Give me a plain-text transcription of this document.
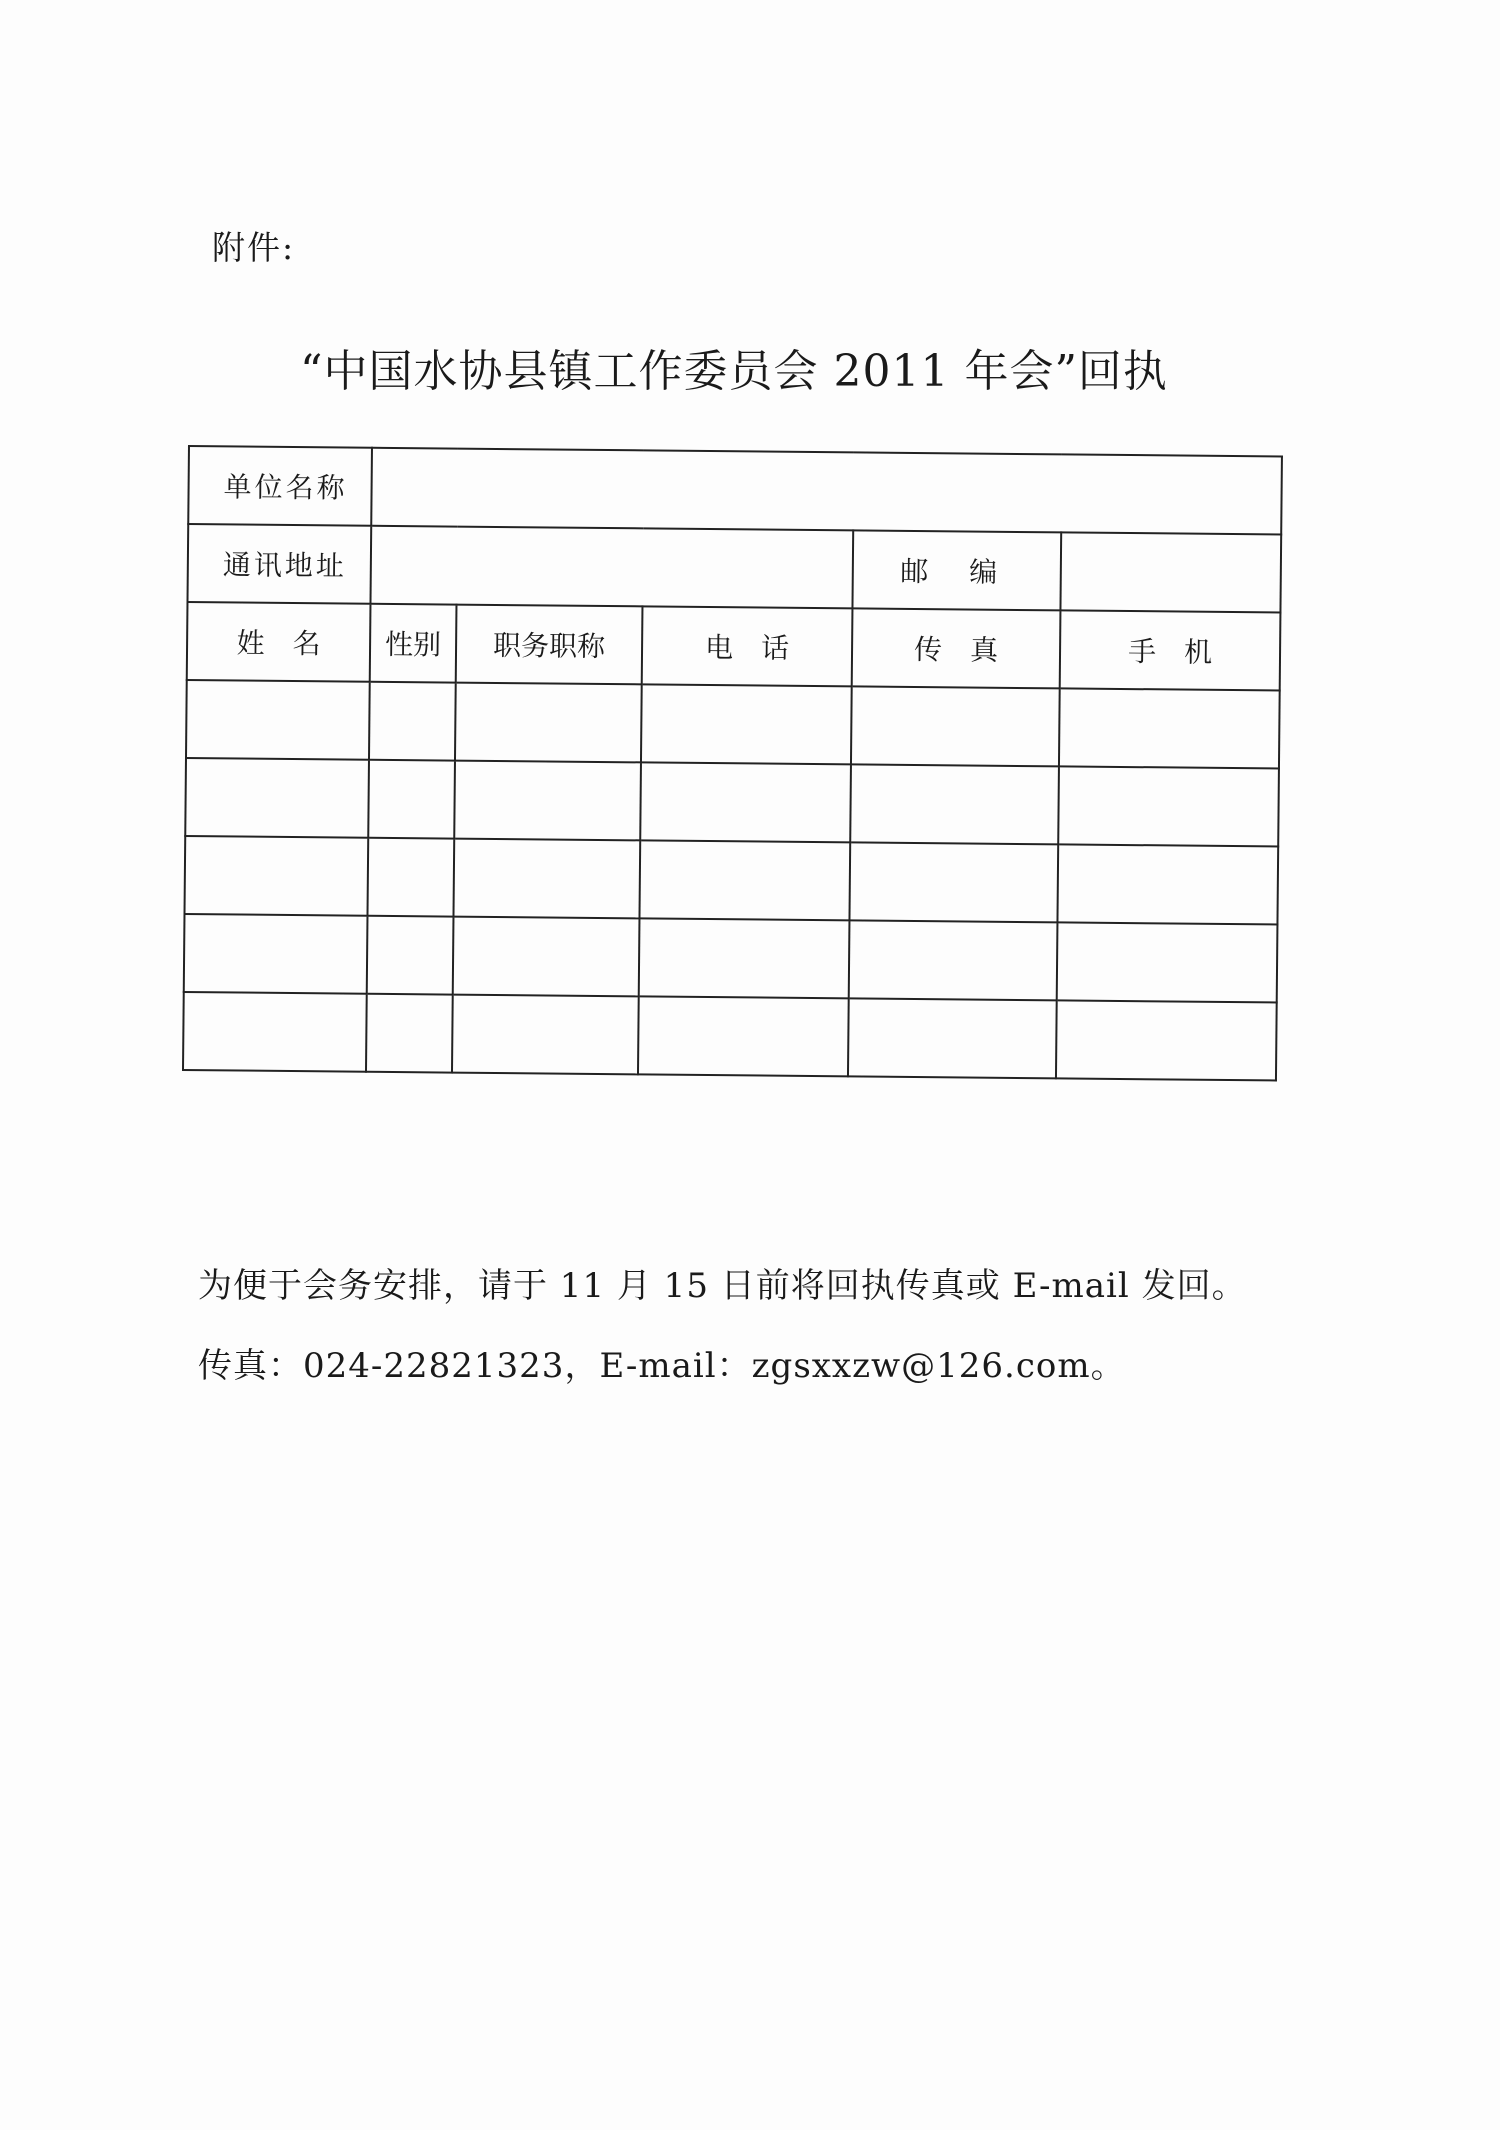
附件:
“中国水协县镇工作委员会 2011 年会”回执
单位名称					
通讯地址				邮 编	
姓　名	性别	职务职称	电　话	传　真	手　机

为便于会务安排，请于 11 月 15 日前将回执传真或 E-mail 发回。
传真：024-22821323，E-mail：zgsxxzw@126.com。
